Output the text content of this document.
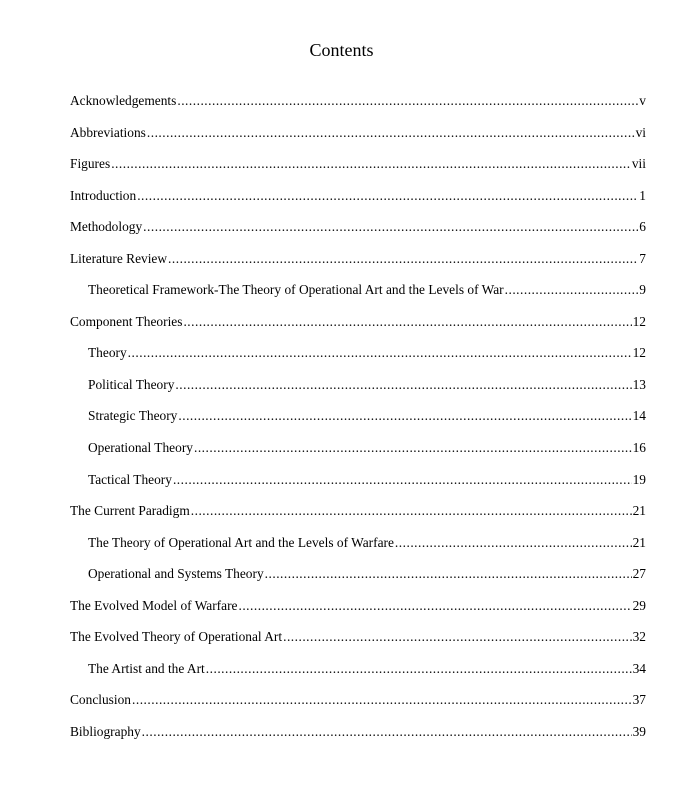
Contents
Acknowledgements .....	v
Abbreviations .....	vi
Figures .....	vii
Introduction .....	1
Methodology .....	6
Literature Review .....	7
Theoretical Framework-The Theory of Operational Art and the Levels of War .....	9
Component Theories .....	12
Theory .....	12
Political Theory .....	13
Strategic Theory .....	14
Operational Theory .....	16
Tactical Theory .....	19
The Current Paradigm .....	21
The Theory of Operational Art and the Levels of Warfare .....	21
Operational and Systems Theory .....	27
The Evolved Model of Warfare .....	29
The Evolved Theory of Operational Art .....	32
The Artist and the Art .....	34
Conclusion .....	37
Bibliography .....	39
